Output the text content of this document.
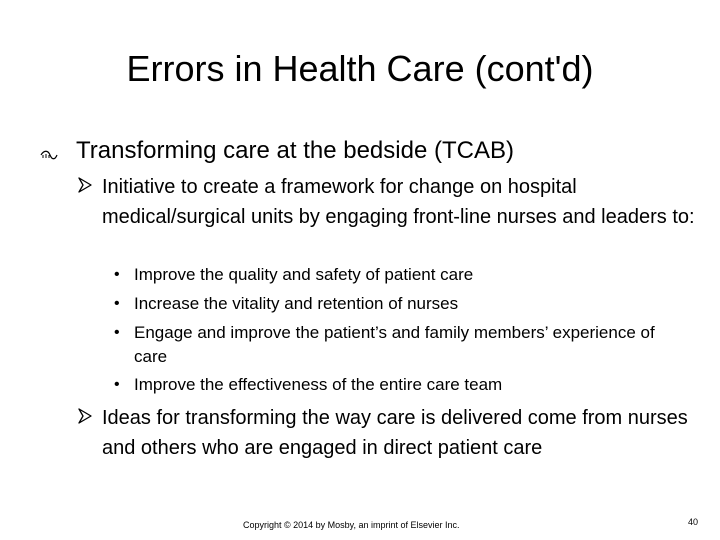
Errors in Health Care (cont'd)
Transforming care at the bedside (TCAB)
Initiative to create a framework for change on hospital medical/surgical units by engaging front-line nurses and leaders to:
• Improve the quality and safety of patient care
• Increase the vitality and retention of nurses
• Engage and improve the patient’s and family members’ experience of care
• Improve the effectiveness of the entire care team
Ideas for transforming the way care is delivered come from nurses and others who are engaged in direct patient care
Copyright © 2014 by Mosby, an imprint of Elsevier Inc.	40
